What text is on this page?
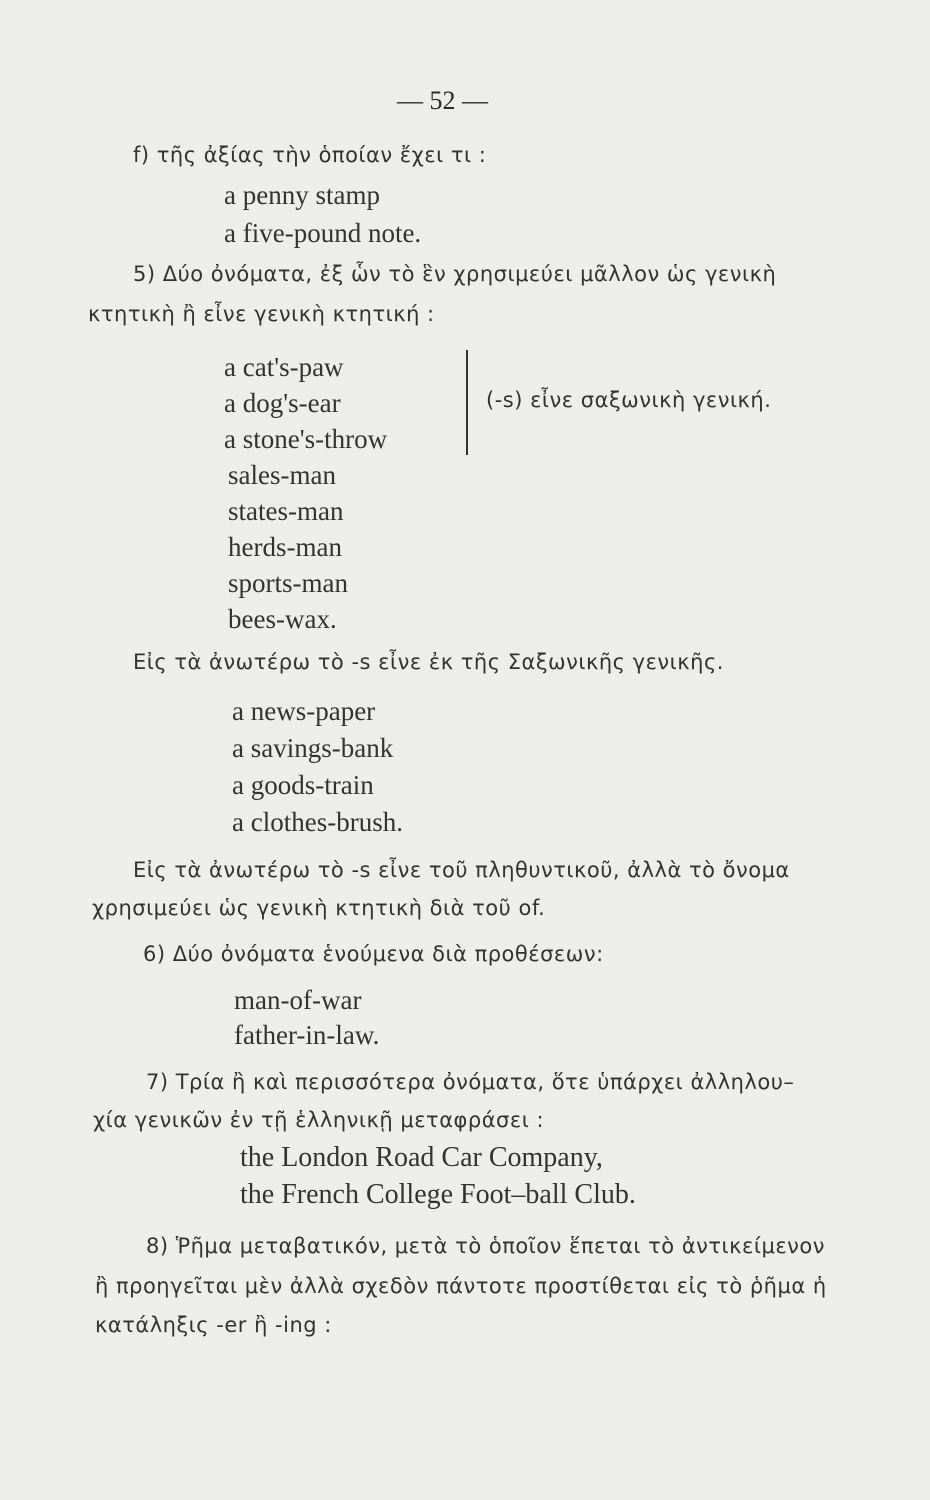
— 52 —
f) τῆς ἀξίας τὴν ὁποίαν ἔχει τι :
a penny stamp
a five-pound note.
5) Δύο ὀνόματα, ἐξ ὧν τὸ ἓν χρησιμεύει μᾶλλον ὡς γενικὴ
κτητικὴ ἢ εἶνε γενικὴ κτητική :
a cat's-paw
a dog's-ear
a stone's-throw
(-s) εἶνε σαξωνικὴ γενική.
sales-man
states-man
herds-man
sports-man
bees-wax.
Εἰς τὰ ἀνωτέρω τὸ -s εἶνε ἐκ τῆς Σαξωνικῆς γενικῆς.
a news-paper
a savings-bank
a goods-train
a clothes-brush.
Εἰς τὰ ἀνωτέρω τὸ -s εἶνε τοῦ πληθυντικοῦ, ἀλλὰ τὸ ὄνομα
χρησιμεύει ὡς γενικὴ κτητικὴ διὰ τοῦ of.
6) Δύο ὀνόματα ἑνούμενα διὰ προθέσεων:
man-of-war
father-in-law.
7) Τρία ἢ καὶ περισσότερα ὀνόματα, ὅτε ὑπάρχει ἀλληλου–
χία γενικῶν ἐν τῇ ἑλληνικῇ μεταφράσει :
the London Road Car Company,
the French College Foot–ball Club.
8) Ῥῆμα μεταβατικόν, μετὰ τὸ ὁποῖον ἕπεται τὸ ἀντικείμενον
ἢ προηγεῖται μὲν ἀλλὰ σχεδὸν πάντοτε προστίθεται εἰς τὸ ῥῆμα ἡ
κατάληξις -er ἢ -ing :
